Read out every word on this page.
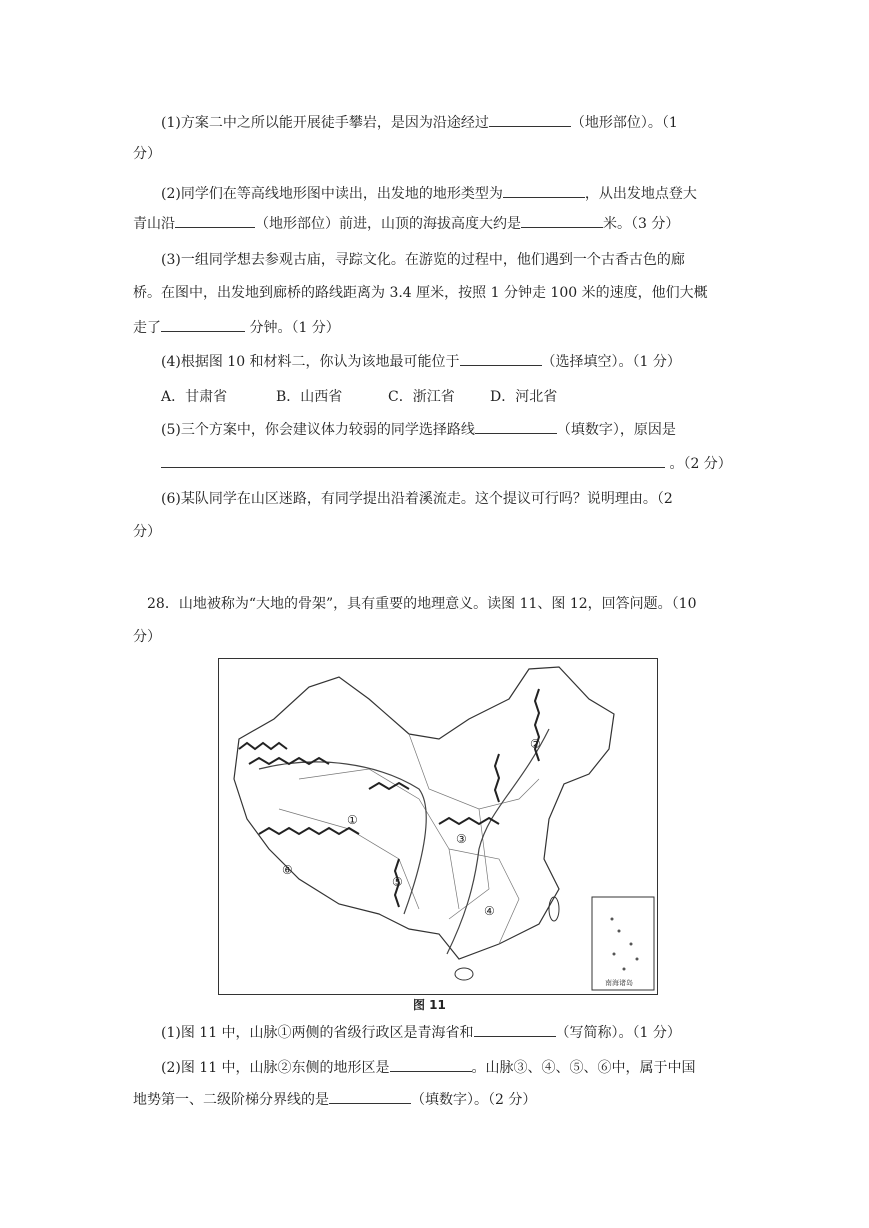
(1)方案二中之所以能开展徒手攀岩，是因为沿途经过	（地形部位）。（1
分）
(2)同学们在等高线地形图中读出，出发地的地形类型为	，从出发地点登大
青山沿	（地形部位）前进，山顶的海拔高度大约是	米。（3 分）
(3)一组同学想去参观古庙，寻踪文化。在游览的过程中，他们遇到一个古香古色的廊
桥。在图中，出发地到廊桥的路线距离为 3.4 厘米，按照 1 分钟走 100 米的速度，他们大概
走了	分钟。（1 分）
(4)根据图 10 和材料二，你认为该地最可能位于	（选择填空）。（1 分）
A．甘肃省	B．山西省	C．浙江省	D．河北省
(5)三个方案中，你会建议体力较弱的同学选择路线	（填数字），原因是
。（2 分）
(6)某队同学在山区迷路，有同学提出沿着溪流走。这个提议可行吗？说明理由。（2
分）
28．山地被称为“大地的骨架”，具有重要的地理意义。读图 11、图 12，回答问题。（10
分）
①
②
③
④
⑤
⑥
南海诸岛
图 11
(1)图 11 中，山脉①两侧的省级行政区是青海省和	（写简称）。（1 分）
(2)图 11 中，山脉②东侧的地形区是	。山脉③、④、⑤、⑥中，属于中国
地势第一、二级阶梯分界线的是	（填数字）。（2 分）
